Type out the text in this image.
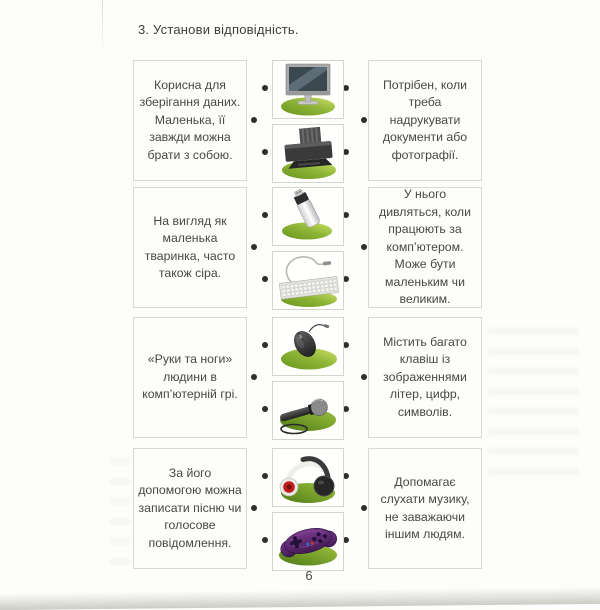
3. Установи відповідність.

Корисна для зберігання даних. Маленька, її завжди можна брати з собою.

Потрібен, коли треба надрукувати документи або фотографії.

На вигляд як маленька тваринка, часто також сіра.

У нього дивляться, коли працюють за комп’ютером. Може бути маленьким чи великим.

«Руки та ноги» людини в комп’ютерній грі.

Містить багато клавіш із зображеннями літер, цифр, символів.

За його допомогою можна записати пісню чи голосове повідомлення.

Допомагає слухати музику, не заважаючи іншим людям.

6
